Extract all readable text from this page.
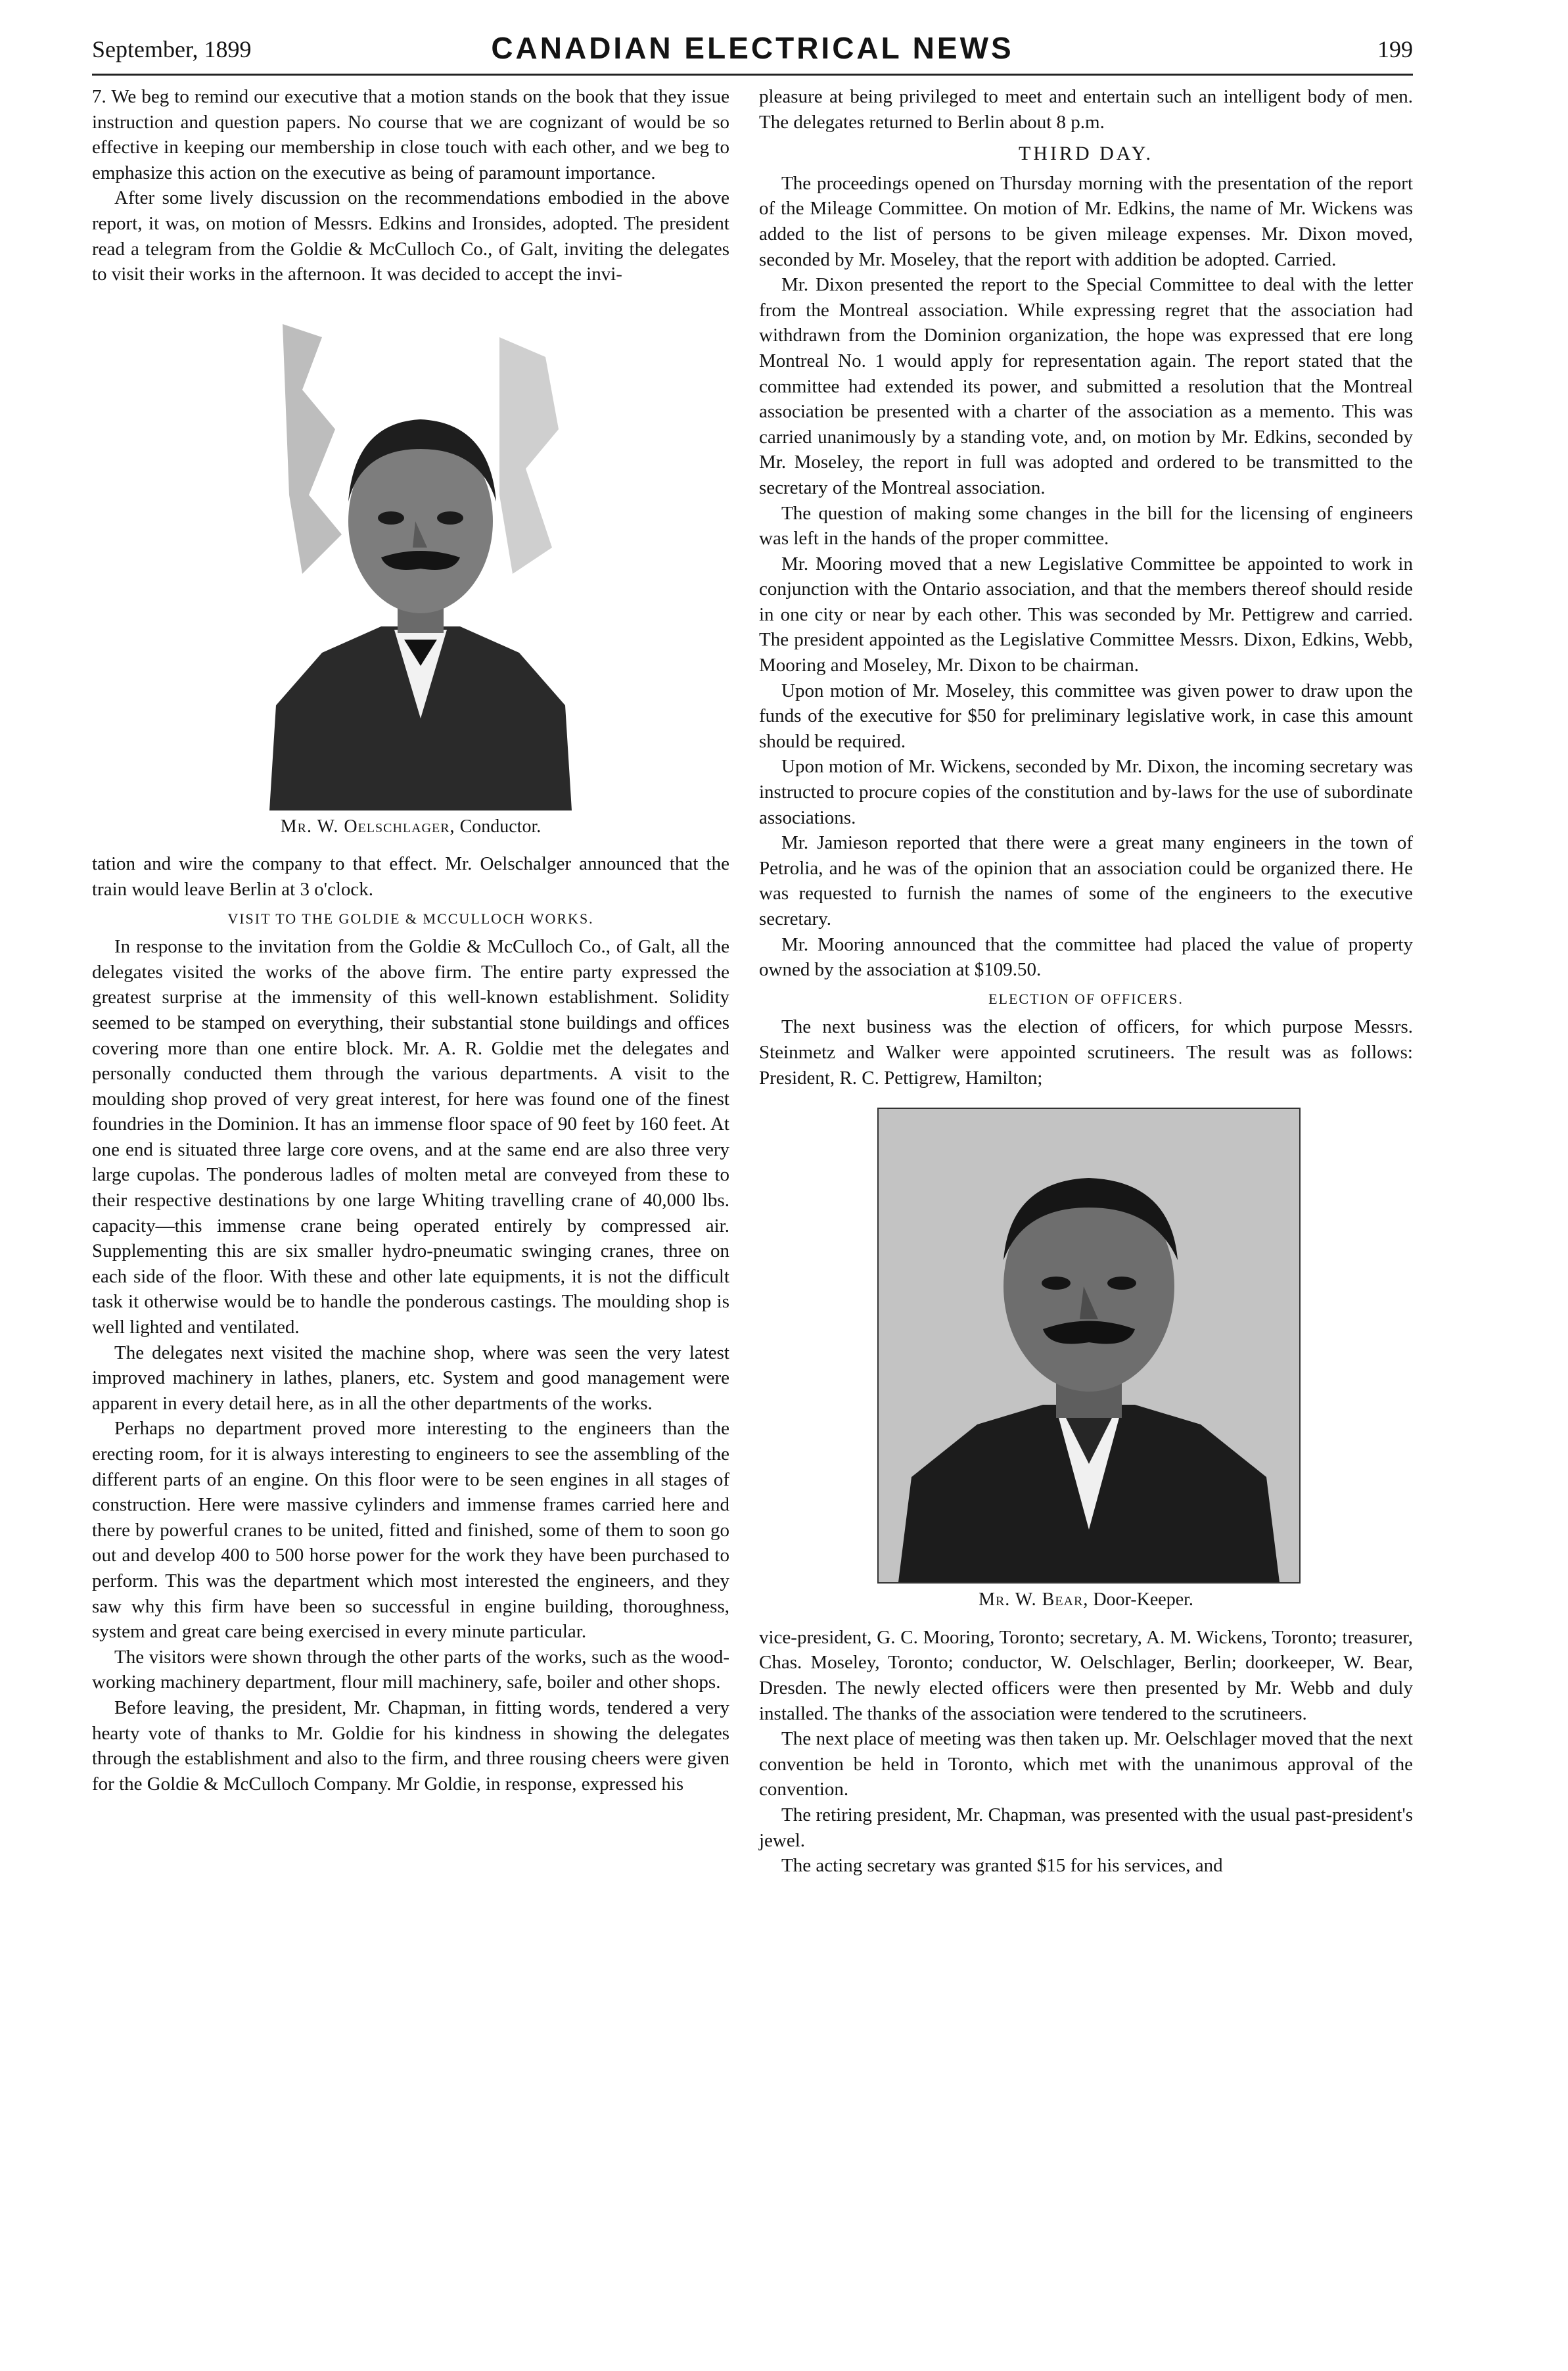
September, 1899	CANADIAN ELECTRICAL NEWS	199

7. We beg to remind our executive that a motion stands on the book that they issue instruction and question papers. No course that we are cognizant of would be so effective in keeping our membership in close touch with each other, and we beg to emphasize this action on the executive as being of paramount importance.

After some lively discussion on the recommendations embodied in the above report, it was, on motion of Messrs. Edkins and Ironsides, adopted. The president read a telegram from the Goldie & McCulloch Co., of Galt, inviting the delegates to visit their works in the afternoon. It was decided to accept the invi-

Mr. W. Oelschlager, Conductor.

tation and wire the company to that effect. Mr. Oelschalger announced that the train would leave Berlin at 3 o'clock.

VISIT TO THE GOLDIE & MCCULLOCH WORKS.

In response to the invitation from the Goldie & McCulloch Co., of Galt, all the delegates visited the works of the above firm. The entire party expressed the greatest surprise at the immensity of this well-known establishment. Solidity seemed to be stamped on everything, their substantial stone buildings and offices covering more than one entire block. Mr. A. R. Goldie met the delegates and personally conducted them through the various departments. A visit to the moulding shop proved of very great interest, for here was found one of the finest foundries in the Dominion. It has an immense floor space of 90 feet by 160 feet. At one end is situated three large core ovens, and at the same end are also three very large cupolas. The ponderous ladles of molten metal are conveyed from these to their respective destinations by one large Whiting travelling crane of 40,000 lbs. capacity—this immense crane being operated entirely by compressed air. Supplementing this are six smaller hydro-pneumatic swinging cranes, three on each side of the floor. With these and other late equipments, it is not the difficult task it otherwise would be to handle the ponderous castings. The moulding shop is well lighted and ventilated.

The delegates next visited the machine shop, where was seen the very latest improved machinery in lathes, planers, etc. System and good management were apparent in every detail here, as in all the other departments of the works.

Perhaps no department proved more interesting to the engineers than the erecting room, for it is always interesting to engineers to see the assembling of the different parts of an engine. On this floor were to be seen engines in all stages of construction. Here were massive cylinders and immense frames carried here and there by powerful cranes to be united, fitted and finished, some of them to soon go out and develop 400 to 500 horse power for the work they have been purchased to perform. This was the department which most interested the engineers, and they saw why this firm have been so successful in engine building, thoroughness, system and great care being exercised in every minute particular.

The visitors were shown through the other parts of the works, such as the wood-working machinery department, flour mill machinery, safe, boiler and other shops.

Before leaving, the president, Mr. Chapman, in fitting words, tendered a very hearty vote of thanks to Mr. Goldie for his kindness in showing the delegates through the establishment and also to the firm, and three rousing cheers were given for the Goldie & McCulloch Company. Mr Goldie, in response, expressed his

pleasure at being privileged to meet and entertain such an intelligent body of men. The delegates returned to Berlin about 8 p.m.

THIRD DAY.

The proceedings opened on Thursday morning with the presentation of the report of the Mileage Committee. On motion of Mr. Edkins, the name of Mr. Wickens was added to the list of persons to be given mileage expenses. Mr. Dixon moved, seconded by Mr. Moseley, that the report with addition be adopted. Carried.

Mr. Dixon presented the report to the Special Committee to deal with the letter from the Montreal association. While expressing regret that the association had withdrawn from the Dominion organization, the hope was expressed that ere long Montreal No. 1 would apply for representation again. The report stated that the committee had extended its power, and submitted a resolution that the Montreal association be presented with a charter of the association as a memento. This was carried unanimously by a standing vote, and, on motion by Mr. Edkins, seconded by Mr. Moseley, the report in full was adopted and ordered to be transmitted to the secretary of the Montreal association.

The question of making some changes in the bill for the licensing of engineers was left in the hands of the proper committee.

Mr. Mooring moved that a new Legislative Committee be appointed to work in conjunction with the Ontario association, and that the members thereof should reside in one city or near by each other. This was seconded by Mr. Pettigrew and carried. The president appointed as the Legislative Committee Messrs. Dixon, Edkins, Webb, Mooring and Moseley, Mr. Dixon to be chairman.

Upon motion of Mr. Moseley, this committee was given power to draw upon the funds of the executive for $50 for preliminary legislative work, in case this amount should be required.

Upon motion of Mr. Wickens, seconded by Mr. Dixon, the incoming secretary was instructed to procure copies of the constitution and by-laws for the use of subordinate associations.

Mr. Jamieson reported that there were a great many engineers in the town of Petrolia, and he was of the opinion that an association could be organized there. He was requested to furnish the names of some of the engineers to the executive secretary.

Mr. Mooring announced that the committee had placed the value of property owned by the association at $109.50.

ELECTION OF OFFICERS.

The next business was the election of officers, for which purpose Messrs. Steinmetz and Walker were appointed scrutineers. The result was as follows: President, R. C. Pettigrew, Hamilton;

Mr. W. Bear, Door-Keeper.

vice-president, G. C. Mooring, Toronto; secretary, A. M. Wickens, Toronto; treasurer, Chas. Moseley, Toronto; conductor, W. Oelschlager, Berlin; doorkeeper, W. Bear, Dresden. The newly elected officers were then presented by Mr. Webb and duly installed. The thanks of the association were tendered to the scrutineers.

The next place of meeting was then taken up. Mr. Oelschlager moved that the next convention be held in Toronto, which met with the unanimous approval of the convention.

The retiring president, Mr. Chapman, was presented with the usual past-president's jewel.

The acting secretary was granted $15 for his services, and
